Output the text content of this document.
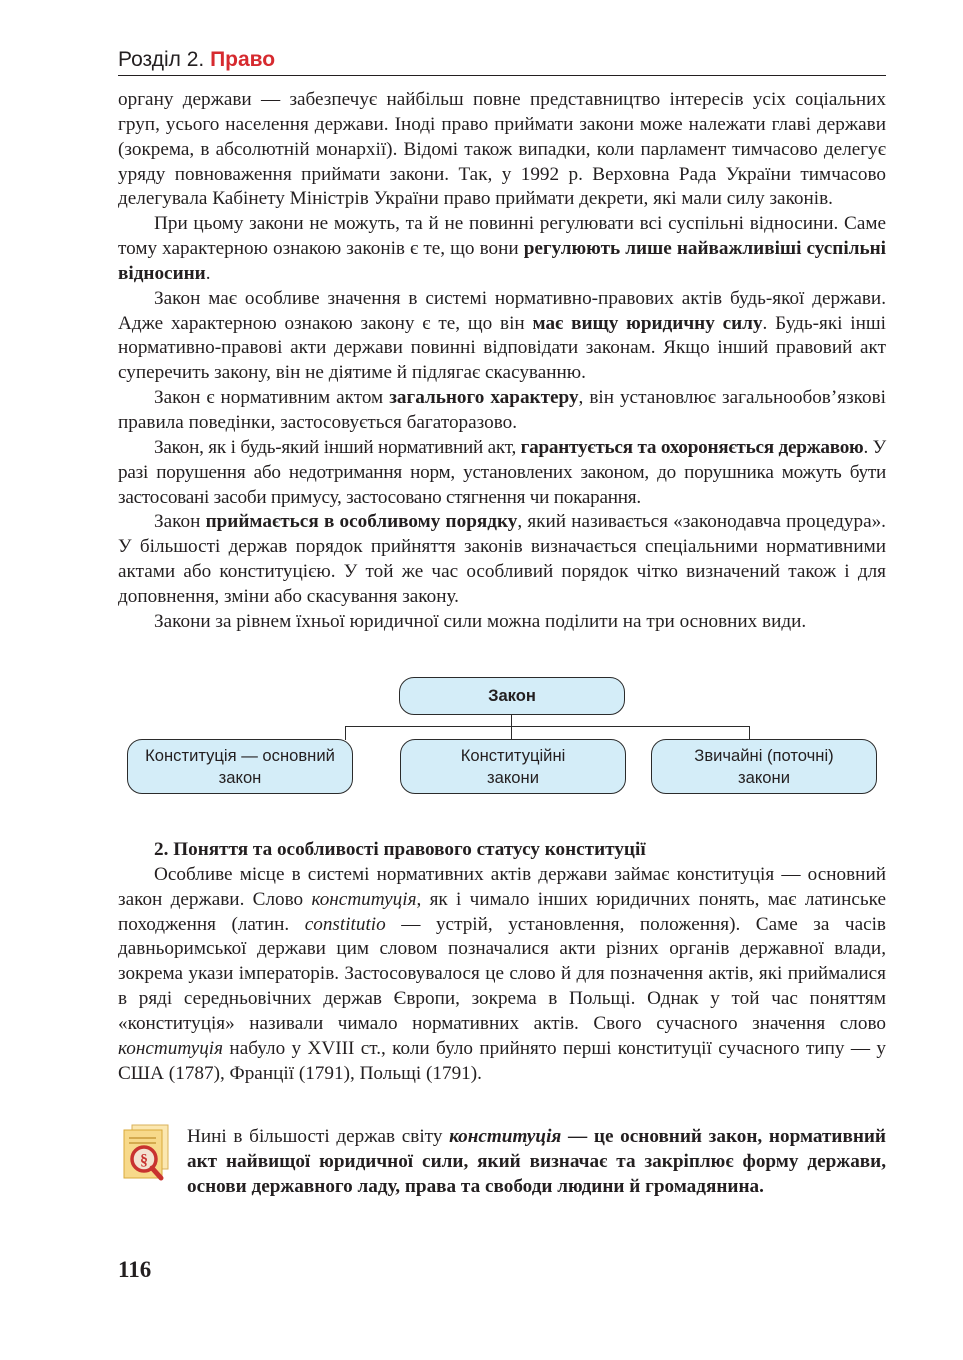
Розділ 2. Право

органу держави — забезпечує найбільш повне представництво інтересів усіх соціальних груп, усього населення держави. Іноді право приймати закони може належати главі держави (зокрема, в абсолютній монархії). Відомі також випадки, коли парламент тимчасово делегує уряду повноваження приймати закони. Так, у 1992 р. Верховна Рада України тимчасово делегувала Кабінету Міністрів України право приймати декрети, які мали силу законів.

При цьому закони не можуть, та й не повинні регулювати всі суспільні відносини. Саме тому характерною ознакою законів є те, що вони регулюють лише найважливіші суспільні відносини.

Закон має особливе значення в системі нормативно-правових актів будь-якої держави. Адже характерною ознакою закону є те, що він має вищу юридичну силу. Будь-які інші нормативно-правові акти держави повинні відповідати законам. Якщо інший правовий акт суперечить закону, він не діятиме й підлягає скасуванню.

Закон є нормативним актом загального характеру, він установлює загальнообов’язкові правила поведінки, застосовується багаторазово.

Закон, як і будь-який інший нормативний акт, гарантується та охороняється державою. У разі порушення або недотримання норм, установлених законом, до порушника можуть бути застосовані засоби примусу, застосовано стягнення чи покарання.

Закон приймається в особливому порядку, який називається «законодавча процедура». У більшості держав порядок прийняття законів визначається спеціальними нормативними актами або конституцією. У той же час особливий порядок чітко визначений також і для доповнення, зміни або скасування закону.

Закони за рівнем їхньої юридичної сили можна поділити на три основних види.

Закон
Конституція — основний закон
Конституційні закони
Звичайні (поточні) закони
2. Поняття та особливості правового статусу конституції

Особливе місце в системі нормативних актів держави займає конституція — основний закон держави. Слово конституція, як і чимало інших юридичних понять, має латинське походження (латин. constitutio — устрій, установлення, положення). Саме за часів давньоримської держави цим словом позначалися акти різних органів державної влади, зокрема укази імператорів. Застосовувалося це слово й для позначення актів, які приймалися в ряді середньовічних держав Європи, зокрема в Польщі. Однак у той час поняттям «конституція» називали чимало нормативних актів. Свого сучасного значення слово конституція набуло у XVIII ст., коли було прийнято перші конституції сучасного типу — у США (1787), Франції (1791), Польщі (1791).

§

Нині в більшості держав світу конституція — це основний закон, нормативний акт найвищої юридичної сили, який визначає та закріплює форму держави, основи державного ладу, права та свободи людини й громадянина.

116
